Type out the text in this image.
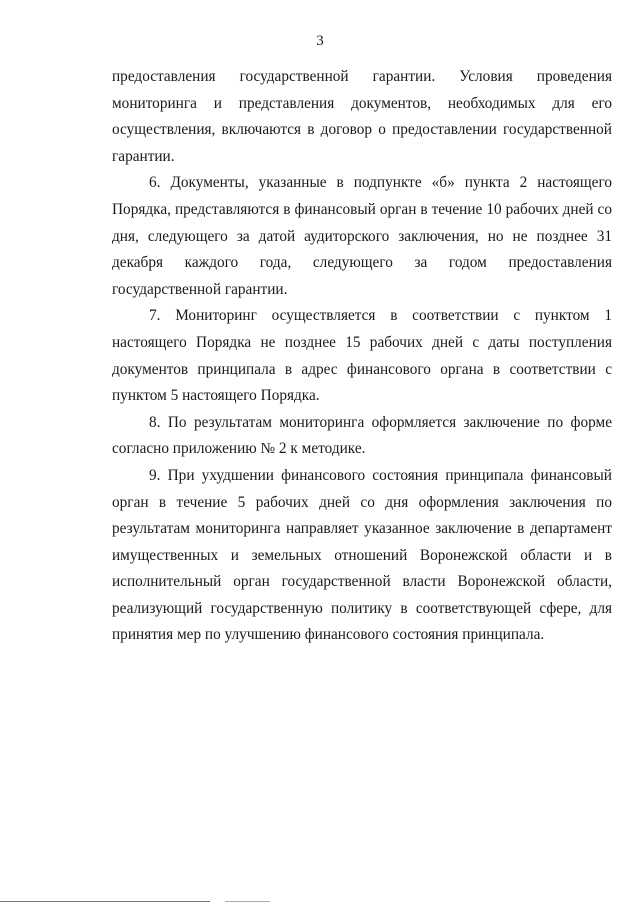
3

предоставления государственной гарантии. Условия проведения мониторинга и представления документов, необходимых для его осуществления, включаются в договор о предоставлении государственной гарантии.

6. Документы, указанные в подпункте «б» пункта 2 настоящего Порядка, представляются в финансовый орган в течение 10 рабочих дней со дня, следующего за датой аудиторского заключения, но не позднее 31 декабря каждого года, следующего за годом предоставления государственной гарантии.

7. Мониторинг осуществляется в соответствии с пунктом 1 настоящего Порядка не позднее 15 рабочих дней с даты поступления документов принципала в адрес финансового органа в соответствии с пунктом 5 настоящего Порядка.

8. По результатам мониторинга оформляется заключение по форме согласно приложению № 2 к методике.

9. При ухудшении финансового состояния принципала финансовый орган в течение 5 рабочих дней со дня оформления заключения по результатам мониторинга направляет указанное заключение в департамент имущественных и земельных отношений Воронежской области и в исполнительный орган государственной власти Воронежской области, реализующий государственную политику в соответствующей сфере, для принятия мер по улучшению финансового состояния принципала.
